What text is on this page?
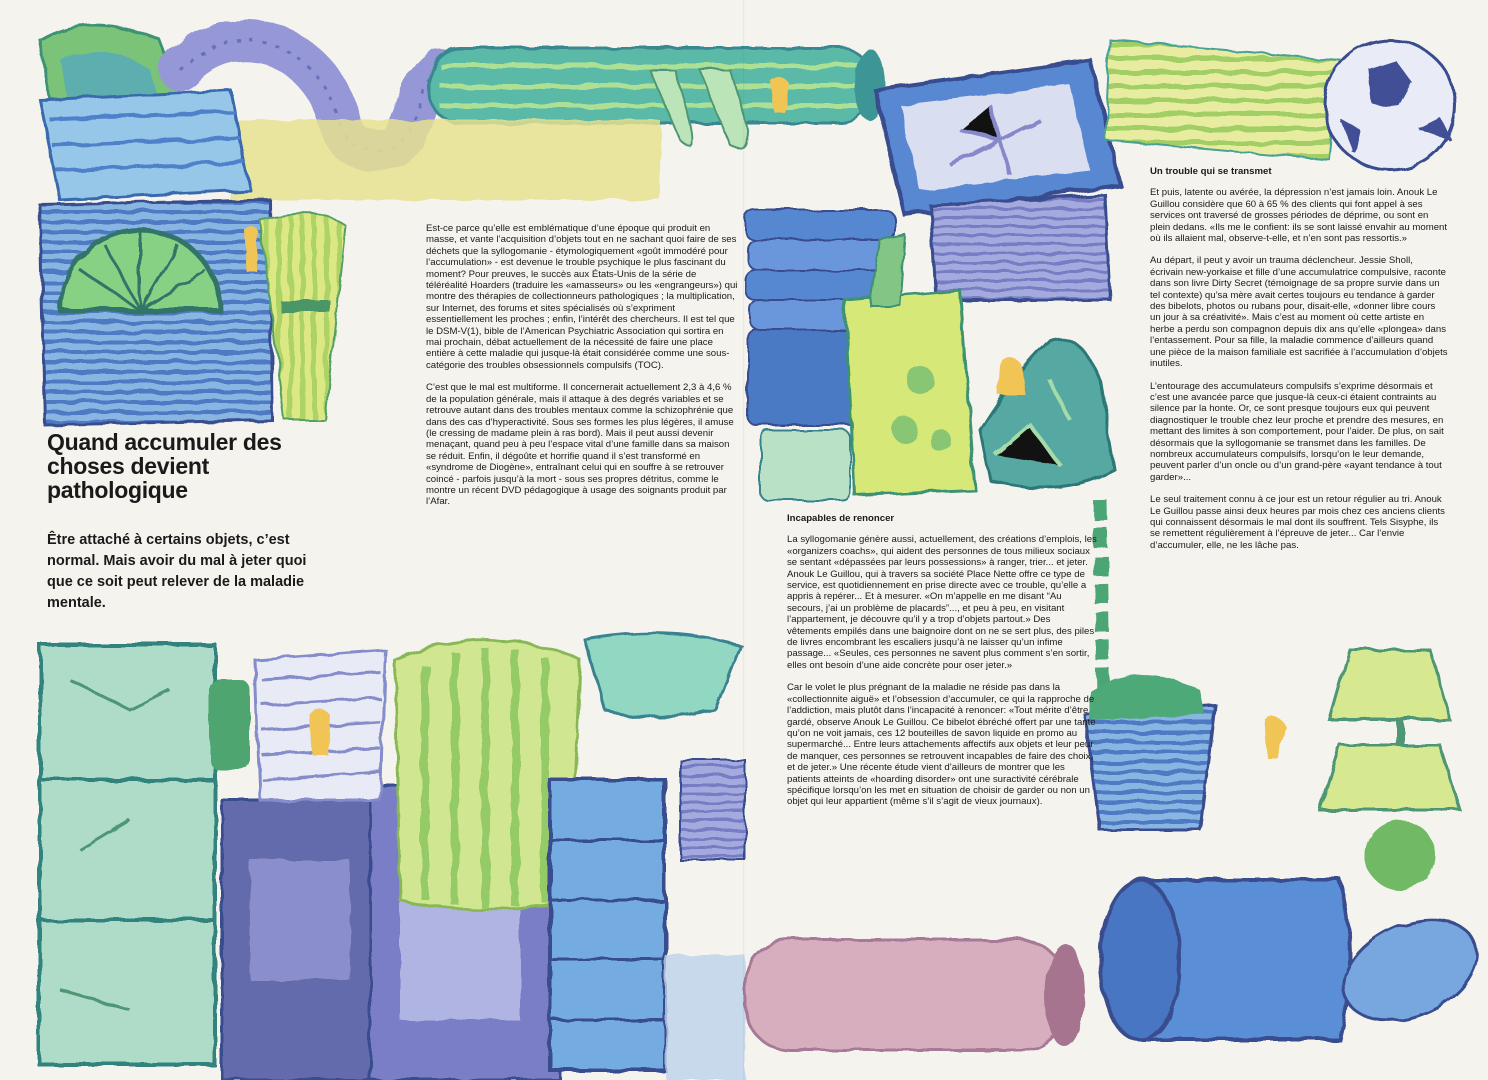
Quand accumuler des choses devient pathologique

Être attaché à certains objets, c’est normal. Mais avoir du mal à jeter quoi que ce soit peut relever de la maladie mentale.

Est-ce parce qu’elle est emblématique d’une époque qui produit en masse, et vante l’acquisition d’objets tout en ne sachant quoi faire de ses déchets que la syllogomanie - étymologiquement «goût immodéré pour l’accumulation» - est devenue le trouble psychique le plus fascinant du moment? Pour preuves, le succès aux États-Unis de la série de téléréalité Hoarders (traduire les «amasseurs» ou les «engrangeurs») qui montre des thérapies de collectionneurs pathologiques ; la multiplication, sur Internet, des forums et sites spécialisés où s’expriment essentiellement les proches ; enfin, l’intérêt des chercheurs. Il est tel que le DSM-V(1), bible de l’American Psychiatric Association qui sortira en mai prochain, débat actuellement de la nécessité de faire une place entière à cette maladie qui jusque-là était considérée comme une sous-catégorie des troubles obsessionnels compulsifs (TOC).

C’est que le mal est multiforme. Il concernerait actuellement 2,3 à 4,6 % de la population générale, mais il attaque à des degrés variables et se retrouve autant dans des troubles mentaux comme la schizophrénie que dans des cas d’hyperactivité. Sous ses formes les plus légères, il amuse (le cressing de madame plein à ras bord). Mais il peut aussi devenir menaçant, quand peu à peu l’espace vital d’une famille dans sa maison se réduit. Enfin, il dégoûte et horrifie quand il s’est transformé en «syndrome de Diogène», entraînant celui qui en souffre à se retrouver coincé - parfois jusqu’à la mort - sous ses propres détritus, comme le montre un récent DVD pédagogique à usage des soignants produit par l’Afar.

Incapables de renoncer

La syllogomanie génère aussi, actuellement, des créations d’emplois, les «organizers coachs», qui aident des personnes de tous milieux sociaux se sentant «dépassées par leurs possessions» à ranger, trier... et jeter. Anouk Le Guillou, qui à travers sa société Place Nette offre ce type de service, est quotidiennement en prise directe avec ce trouble, qu’elle a appris à repérer... Et à mesurer. «On m’appelle en me disant “Au secours, j’ai un problème de placards”..., et peu à peu, en visitant l’appartement, je découvre qu’il y a trop d’objets partout.» Des vêtements empilés dans une baignoire dont on ne se sert plus, des piles de livres encombrant les escaliers jusqu’à ne laisser qu’un infime passage... «Seules, ces personnes ne savent plus comment s’en sortir, elles ont besoin d’une aide concrète pour oser jeter.»

Car le volet le plus prégnant de la maladie ne réside pas dans la «collectionnite aiguë» et l’obsession d’accumuler, ce qui la rapproche de l’addiction, mais plutôt dans l’incapacité à renoncer: «Tout mérite d’être gardé, observe Anouk Le Guillou. Ce bibelot ébréché offert par une tante qu’on ne voit jamais, ces 12 bouteilles de savon liquide en promo au supermarché... Entre leurs attachements affectifs aux objets et leur peur de manquer, ces personnes se retrouvent incapables de faire des choix, et de jeter.» Une récente étude vient d’ailleurs de montrer que les patients atteints de «hoarding disorder» ont une suractivité cérébrale spécifique lorsqu’on les met en situation de choisir de garder ou non un objet qui leur appartient (même s’il s’agit de vieux journaux).

Un trouble qui se transmet

Et puis, latente ou avérée, la dépression n’est jamais loin. Anouk Le Guillou considère que 60 à 65 % des clients qui font appel à ses services ont traversé de grosses périodes de déprime, ou sont en plein dedans. «Ils me le confient: ils se sont laissé envahir au moment où ils allaient mal, observe-t-elle, et n’en sont pas ressortis.»

Au départ, il peut y avoir un trauma déclencheur. Jessie Sholl, écrivain new-yorkaise et fille d’une accumulatrice compulsive, raconte dans son livre Dirty Secret (témoignage de sa propre survie dans un tel contexte) qu’sa mère avait certes toujours eu tendance à garder des bibelots, photos ou rubans pour, disait-elle, «donner libre cours un jour à sa créativité». Mais c’est au moment où cette artiste en herbe a perdu son compagnon depuis dix ans qu’elle «plongea» dans l’entassement. Pour sa fille, la maladie commence d’ailleurs quand une pièce de la maison familiale est sacrifiée à l’accumulation d’objets inutiles.

L’entourage des accumulateurs compulsifs s’exprime désormais et c’est une avancée parce que jusque-là ceux-ci étaient contraints au silence par la honte. Or, ce sont presque toujours eux qui peuvent diagnostiquer le trouble chez leur proche et prendre des mesures, en mettant des limites à son comportement, pour l’aider. De plus, on sait désormais que la syllogomanie se transmet dans les familles. De nombreux accumulateurs compulsifs, lorsqu’on le leur demande, peuvent parler d’un oncle ou d’un grand-père «ayant tendance à tout garder»...

Le seul traitement connu à ce jour est un retour régulier au tri. Anouk Le Guillou passe ainsi deux heures par mois chez ces anciens clients qui connaissent désormais le mal dont ils souffrent. Tels Sisyphe, ils se remettent régulièrement à l’épreuve de jeter... Car l’envie d’accumuler, elle, ne les lâche pas.
